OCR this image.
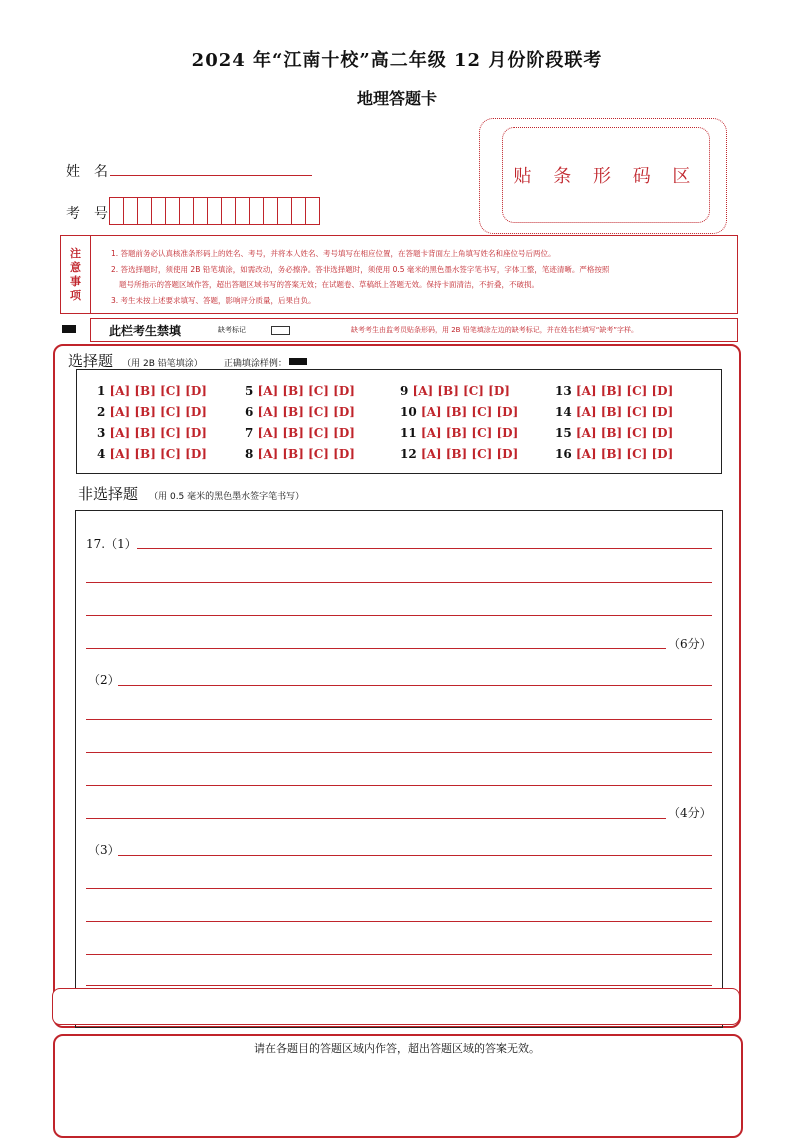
2024 年“江南十校”高二年级 12 月份阶段联考
地理答题卡
贴 条 形 码 区
姓　名
考　号
注
意
事
项
1. 答题前务必认真核准条形码上的姓名、考号，并将本人姓名、考号填写在相应位置，在答题卡背面左上角填写姓名和座位号后两位。
2. 答选择题时，须使用 2B 铅笔填涂，如需改动，务必擦净。答非选择题时，须使用 0.5 毫米的黑色墨水签字笔书写，字体工整，笔迹清晰。严格按照
题号所指示的答题区域作答，超出答题区域书写的答案无效；在试题卷、草稿纸上答题无效。保持卡面清洁，不折叠，不破损。
3. 考生未按上述要求填写、答题，影响评分质量，后果自负。
此栏考生禁填	缺考标记	缺考考生由监考员贴条形码，用 2B 铅笔填涂左边的缺考标记，并在姓名栏填写“缺考”字样。
选择题 （用 2B 铅笔填涂） 正确填涂样例：
1 [A] [B] [C] [D]	5 [A] [B] [C] [D]	9 [A] [B] [C] [D]	13 [A] [B] [C] [D]
2 [A] [B] [C] [D]	6 [A] [B] [C] [D]	10 [A] [B] [C] [D]	14 [A] [B] [C] [D]
3 [A] [B] [C] [D]	7 [A] [B] [C] [D]	11 [A] [B] [C] [D]	15 [A] [B] [C] [D]
4 [A] [B] [C] [D]	8 [A] [B] [C] [D]	12 [A] [B] [C] [D]	16 [A] [B] [C] [D]
非选择题 （用 0.5 毫米的黑色墨水签字笔书写）
17.（1）
（6分）
（2）
（4分）
（3）
请在各题目的答题区域内作答，超出答题区域的答案无效。
